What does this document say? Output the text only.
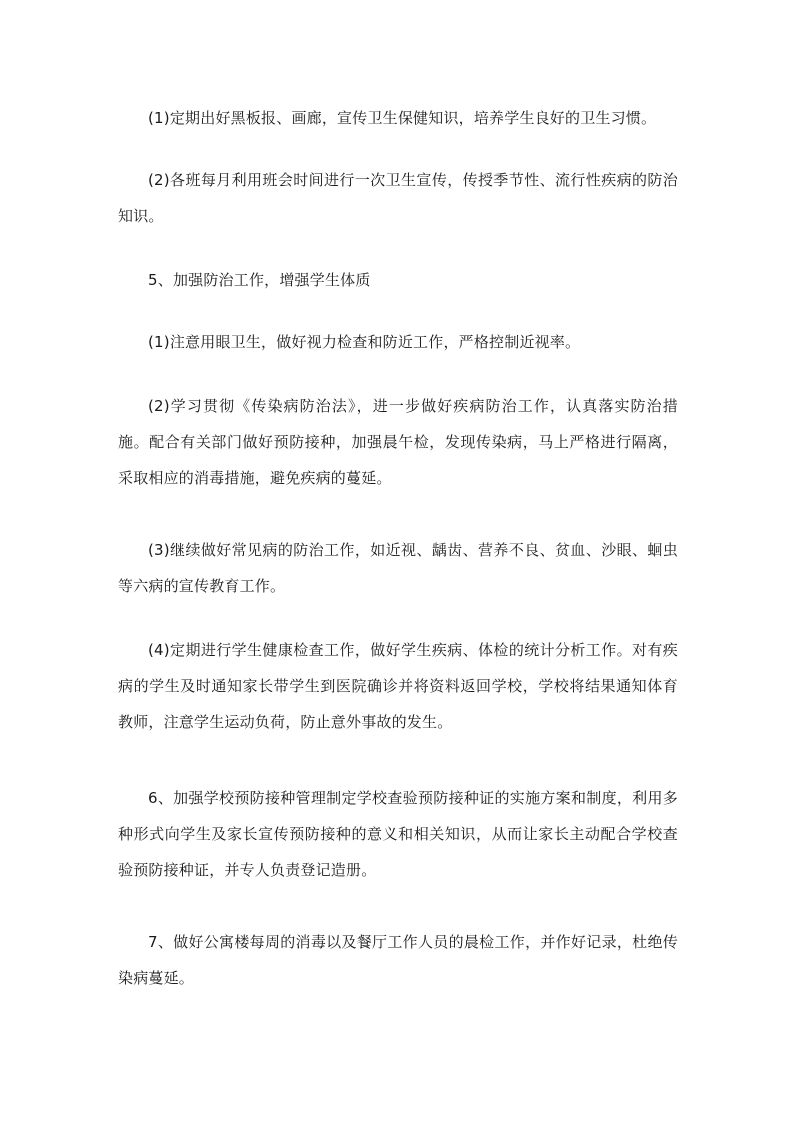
(1)定期出好黑板报、画廊，宣传卫生保健知识，培养学生良好的卫生习惯。

(2)各班每月利用班会时间进行一次卫生宣传，传授季节性、流行性疾病的防治知识。

5、加强防治工作，增强学生体质

(1)注意用眼卫生，做好视力检查和防近工作，严格控制近视率。

(2)学习贯彻《传染病防治法》，进一步做好疾病防治工作，认真落实防治措施。配合有关部门做好预防接种，加强晨午检，发现传染病，马上严格进行隔离，采取相应的消毒措施，避免疾病的蔓延。

(3)继续做好常见病的防治工作，如近视、龋齿、营养不良、贫血、沙眼、蛔虫等六病的宣传教育工作。

(4)定期进行学生健康检查工作，做好学生疾病、体检的统计分析工作。对有疾病的学生及时通知家长带学生到医院确诊并将资料返回学校，学校将结果通知体育教师，注意学生运动负荷，防止意外事故的发生。

6、加强学校预防接种管理制定学校查验预防接种证的实施方案和制度，利用多种形式向学生及家长宣传预防接种的意义和相关知识，从而让家长主动配合学校查验预防接种证，并专人负责登记造册。

7、做好公寓楼每周的消毒以及餐厅工作人员的晨检工作，并作好记录，杜绝传染病蔓延。
